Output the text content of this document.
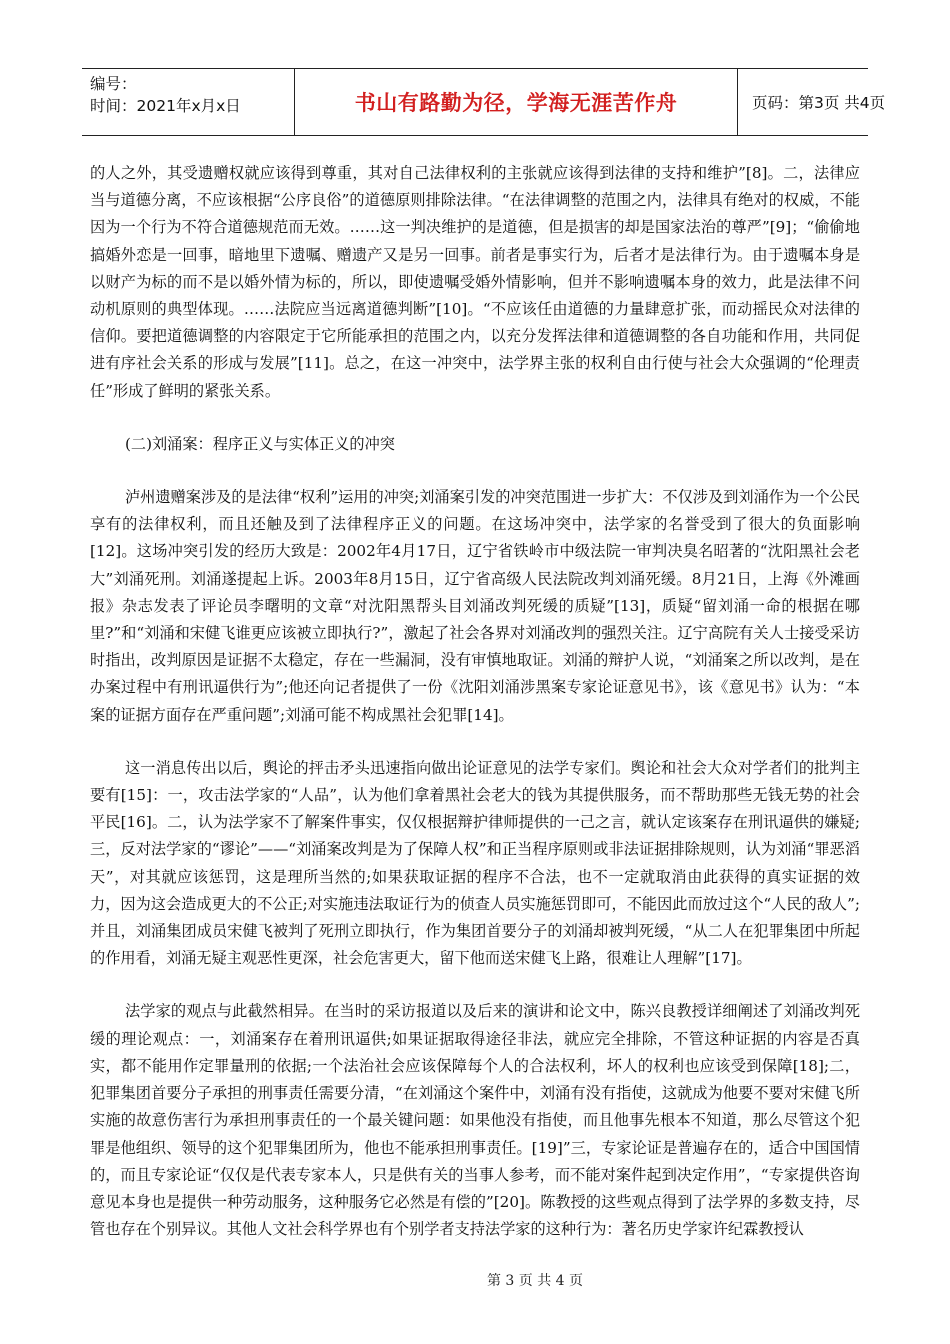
编号：
时间：2021年x月x日	书山有路勤为径，学海无涯苦作舟	页码：第3页 共4页

的人之外，其受遗赠权就应该得到尊重，其对自己法律权利的主张就应该得到法律的支持和维护”[8]。二，法律应当与道德分离，不应该根据“公序良俗”的道德原则排除法律。“在法律调整的范围之内，法律具有绝对的权威，不能因为一个行为不符合道德规范而无效。……这一判决维护的是道德，但是损害的却是国家法治的尊严”[9]；“偷偷地搞婚外恋是一回事，暗地里下遗嘱、赠遗产又是另一回事。前者是事实行为，后者才是法律行为。由于遗嘱本身是以财产为标的而不是以婚外情为标的，所以，即使遗嘱受婚外情影响，但并不影响遗嘱本身的效力，此是法律不问动机原则的典型体现。……法院应当远离道德判断”[10]。“不应该任由道德的力量肆意扩张，而动摇民众对法律的信仰。要把道德调整的内容限定于它所能承担的范围之内，以充分发挥法律和道德调整的各自功能和作用，共同促进有序社会关系的形成与发展”[11]。总之，在这一冲突中，法学界主张的权利自由行使与社会大众强调的“伦理责任”形成了鲜明的紧张关系。

(二)刘涌案：程序正义与实体正义的冲突

泸州遗赠案涉及的是法律“权利”运用的冲突;刘涌案引发的冲突范围进一步扩大：不仅涉及到刘涌作为一个公民享有的法律权利，而且还触及到了法律程序正义的问题。在这场冲突中，法学家的名誉受到了很大的负面影响[12]。这场冲突引发的经历大致是：2002年4月17日，辽宁省铁岭市中级法院一审判决臭名昭著的“沈阳黑社会老大”刘涌死刑。刘涌遂提起上诉。2003年8月15日，辽宁省高级人民法院改判刘涌死缓。8月21日，上海《外滩画报》杂志发表了评论员李曙明的文章“对沈阳黑帮头目刘涌改判死缓的质疑”[13]，质疑“留刘涌一命的根据在哪里?”和“刘涌和宋健飞谁更应该被立即执行?”，激起了社会各界对刘涌改判的强烈关注。辽宁高院有关人士接受采访时指出，改判原因是证据不太稳定，存在一些漏洞，没有审慎地取证。刘涌的辩护人说，“刘涌案之所以改判，是在办案过程中有刑讯逼供行为”;他还向记者提供了一份《沈阳刘涌涉黑案专家论证意见书》，该《意见书》认为：“本案的证据方面存在严重问题”;刘涌可能不构成黑社会犯罪[14]。

这一消息传出以后，舆论的抨击矛头迅速指向做出论证意见的法学专家们。舆论和社会大众对学者们的批判主要有[15]：一，攻击法学家的“人品”，认为他们拿着黑社会老大的钱为其提供服务，而不帮助那些无钱无势的社会平民[16]。二，认为法学家不了解案件事实，仅仅根据辩护律师提供的一己之言，就认定该案存在刑讯逼供的嫌疑;三，反对法学家的“谬论”——“刘涌案改判是为了保障人权”和正当程序原则或非法证据排除规则，认为刘涌“罪恶滔天”，对其就应该惩罚，这是理所当然的;如果获取证据的程序不合法，也不一定就取消由此获得的真实证据的效力，因为这会造成更大的不公正;对实施违法取证行为的侦查人员实施惩罚即可，不能因此而放过这个“人民的敌人”;并且，刘涌集团成员宋健飞被判了死刑立即执行，作为集团首要分子的刘涌却被判死缓，“从二人在犯罪集团中所起的作用看，刘涌无疑主观恶性更深，社会危害更大，留下他而送宋健飞上路，很难让人理解”[17]。

法学家的观点与此截然相异。在当时的采访报道以及后来的演讲和论文中，陈兴良教授详细阐述了刘涌改判死缓的理论观点：一，刘涌案存在着刑讯逼供;如果证据取得途径非法，就应完全排除，不管这种证据的内容是否真实，都不能用作定罪量刑的依据;一个法治社会应该保障每个人的合法权利，坏人的权利也应该受到保障[18];二，犯罪集团首要分子承担的刑事责任需要分清，“在刘涌这个案件中，刘涌有没有指使，这就成为他要不要对宋健飞所实施的故意伤害行为承担刑事责任的一个最关键问题：如果他没有指使，而且他事先根本不知道，那么尽管这个犯罪是他组织、领导的这个犯罪集团所为，他也不能承担刑事责任。[19]”三，专家论证是普遍存在的，适合中国国情的，而且专家论证“仅仅是代表专家本人，只是供有关的当事人参考，而不能对案件起到决定作用”，“专家提供咨询意见本身也是提供一种劳动服务，这种服务它必然是有偿的”[20]。陈教授的这些观点得到了法学界的多数支持，尽管也存在个别异议。其他人文社会科学界也有个别学者支持法学家的这种行为：著名历史学家许纪霖教授认

第 3 页 共 4 页
